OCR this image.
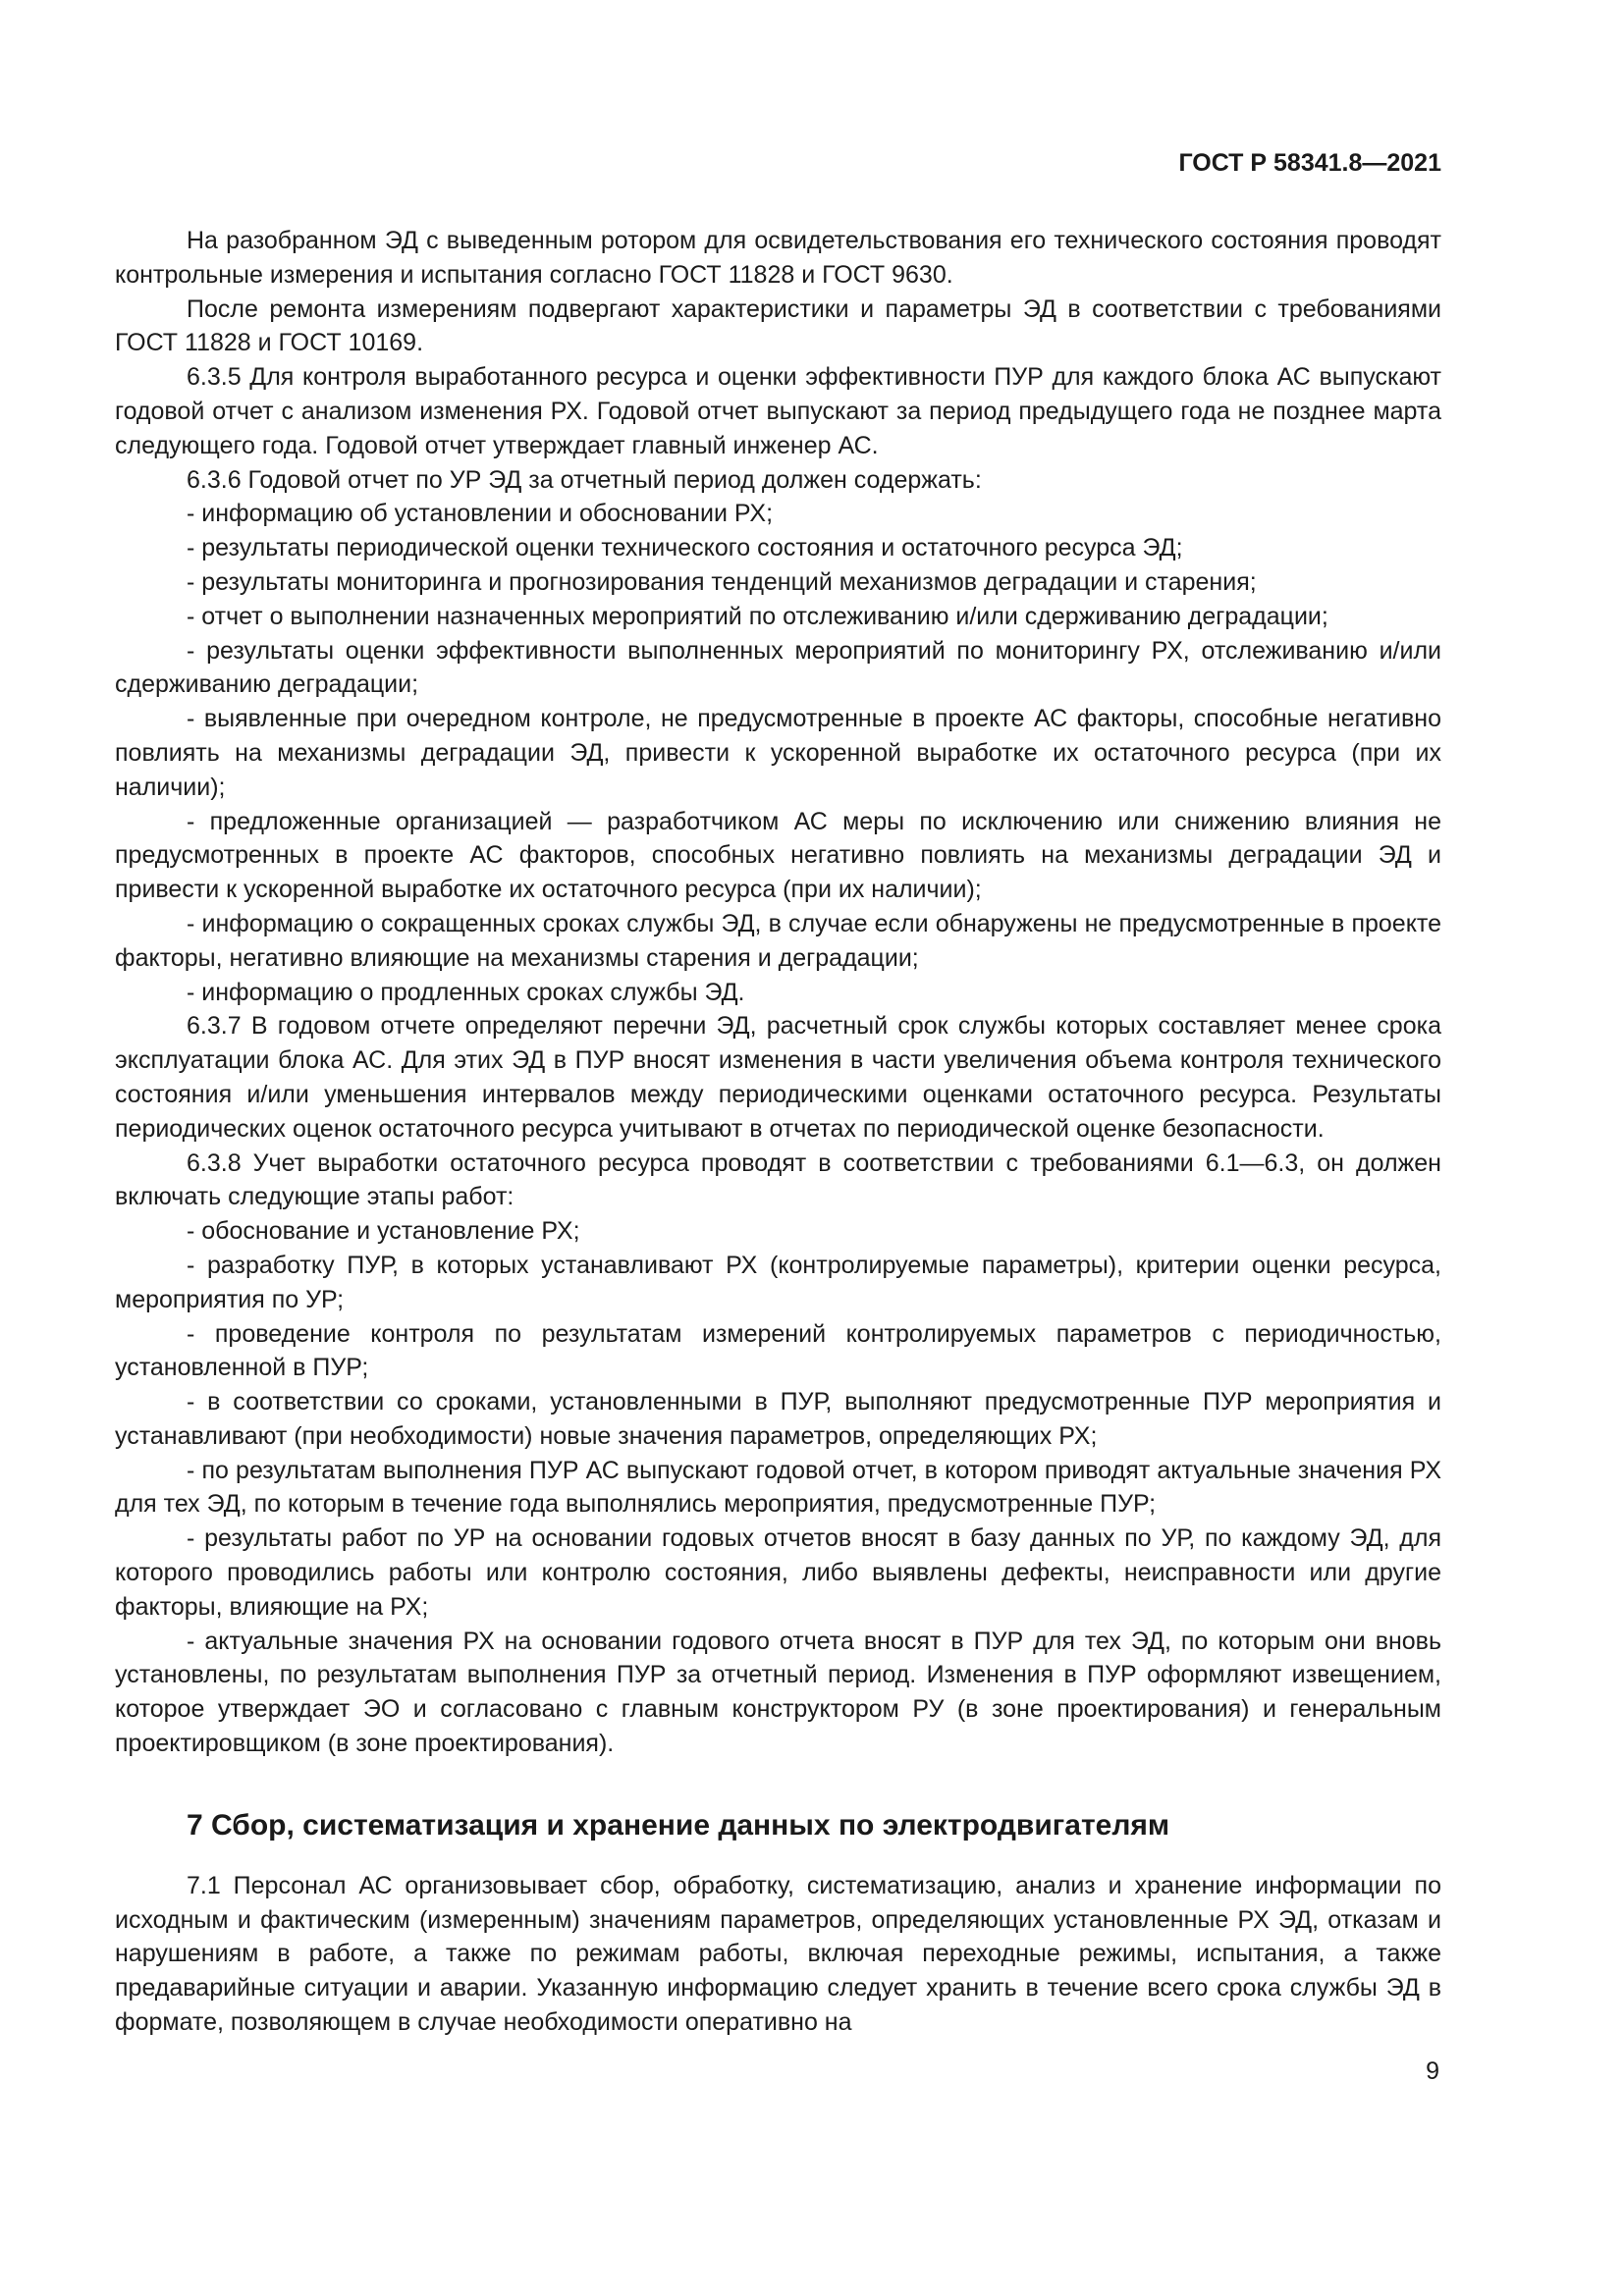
ГОСТ Р 58341.8—2021

На разобранном ЭД с выведенным ротором для освидетельствования его технического состояния проводят контрольные измерения и испытания согласно ГОСТ 11828 и ГОСТ 9630.

После ремонта измерениям подвергают характеристики и параметры ЭД в соответствии с требованиями ГОСТ 11828 и ГОСТ 10169.

6.3.5 Для контроля выработанного ресурса и оценки эффективности ПУР для каждого блока АС выпускают годовой отчет с анализом изменения РХ. Годовой отчет выпускают за период предыдущего года не позднее марта следующего года. Годовой отчет утверждает главный инженер АС.

6.3.6 Годовой отчет по УР ЭД за отчетный период должен содержать:

- информацию об установлении и обосновании РХ;

- результаты периодической оценки технического состояния и остаточного ресурса ЭД;

- результаты мониторинга и прогнозирования тенденций механизмов деградации и старения;

- отчет о выполнении назначенных мероприятий по отслеживанию и/или сдерживанию деградации;

- результаты оценки эффективности выполненных мероприятий по мониторингу РХ, отслеживанию и/или сдерживанию деградации;

- выявленные при очередном контроле, не предусмотренные в проекте АС факторы, способные негативно повлиять на механизмы деградации ЭД, привести к ускоренной выработке их остаточного ресурса (при их наличии);

- предложенные организацией — разработчиком АС меры по исключению или снижению влияния не предусмотренных в проекте АС факторов, способных негативно повлиять на механизмы деградации ЭД и привести к ускоренной выработке их остаточного ресурса (при их наличии);

- информацию о сокращенных сроках службы ЭД, в случае если обнаружены не предусмотренные в проекте факторы, негативно влияющие на механизмы старения и деградации;

- информацию о продленных сроках службы ЭД.

6.3.7 В годовом отчете определяют перечни ЭД, расчетный срок службы которых составляет менее срока эксплуатации блока АС. Для этих ЭД в ПУР вносят изменения в части увеличения объема контроля технического состояния и/или уменьшения интервалов между периодическими оценками остаточного ресурса. Результаты периодических оценок остаточного ресурса учитывают в отчетах по периодической оценке безопасности.

6.3.8 Учет выработки остаточного ресурса проводят в соответствии с требованиями 6.1—6.3, он должен включать следующие этапы работ:

- обоснование и установление РХ;

- разработку ПУР, в которых устанавливают РХ (контролируемые параметры), критерии оценки ресурса, мероприятия по УР;

- проведение контроля по результатам измерений контролируемых параметров с периодичностью, установленной в ПУР;

- в соответствии со сроками, установленными в ПУР, выполняют предусмотренные ПУР мероприятия и устанавливают (при необходимости) новые значения параметров, определяющих РХ;

- по результатам выполнения ПУР АС выпускают годовой отчет, в котором приводят актуальные значения РХ для тех ЭД, по которым в течение года выполнялись мероприятия, предусмотренные ПУР;

- результаты работ по УР на основании годовых отчетов вносят в базу данных по УР, по каждому ЭД, для которого проводились работы или контролю состояния, либо выявлены дефекты, неисправности или другие факторы, влияющие на РХ;

- актуальные значения РХ на основании годового отчета вносят в ПУР для тех ЭД, по которым они вновь установлены, по результатам выполнения ПУР за отчетный период. Изменения в ПУР оформляют извещением, которое утверждает ЭО и согласовано с главным конструктором РУ (в зоне проектирования) и генеральным проектировщиком (в зоне проектирования).

7 Сбор, систематизация и хранение данных по электродвигателям

7.1 Персонал АС организовывает сбор, обработку, систематизацию, анализ и хранение информации по исходным и фактическим (измеренным) значениям параметров, определяющих установленные РХ ЭД, отказам и нарушениям в работе, а также по режимам работы, включая переходные режимы, испытания, а также предаварийные ситуации и аварии. Указанную информацию следует хранить в течение всего срока службы ЭД в формате, позволяющем в случае необходимости оперативно на

9
